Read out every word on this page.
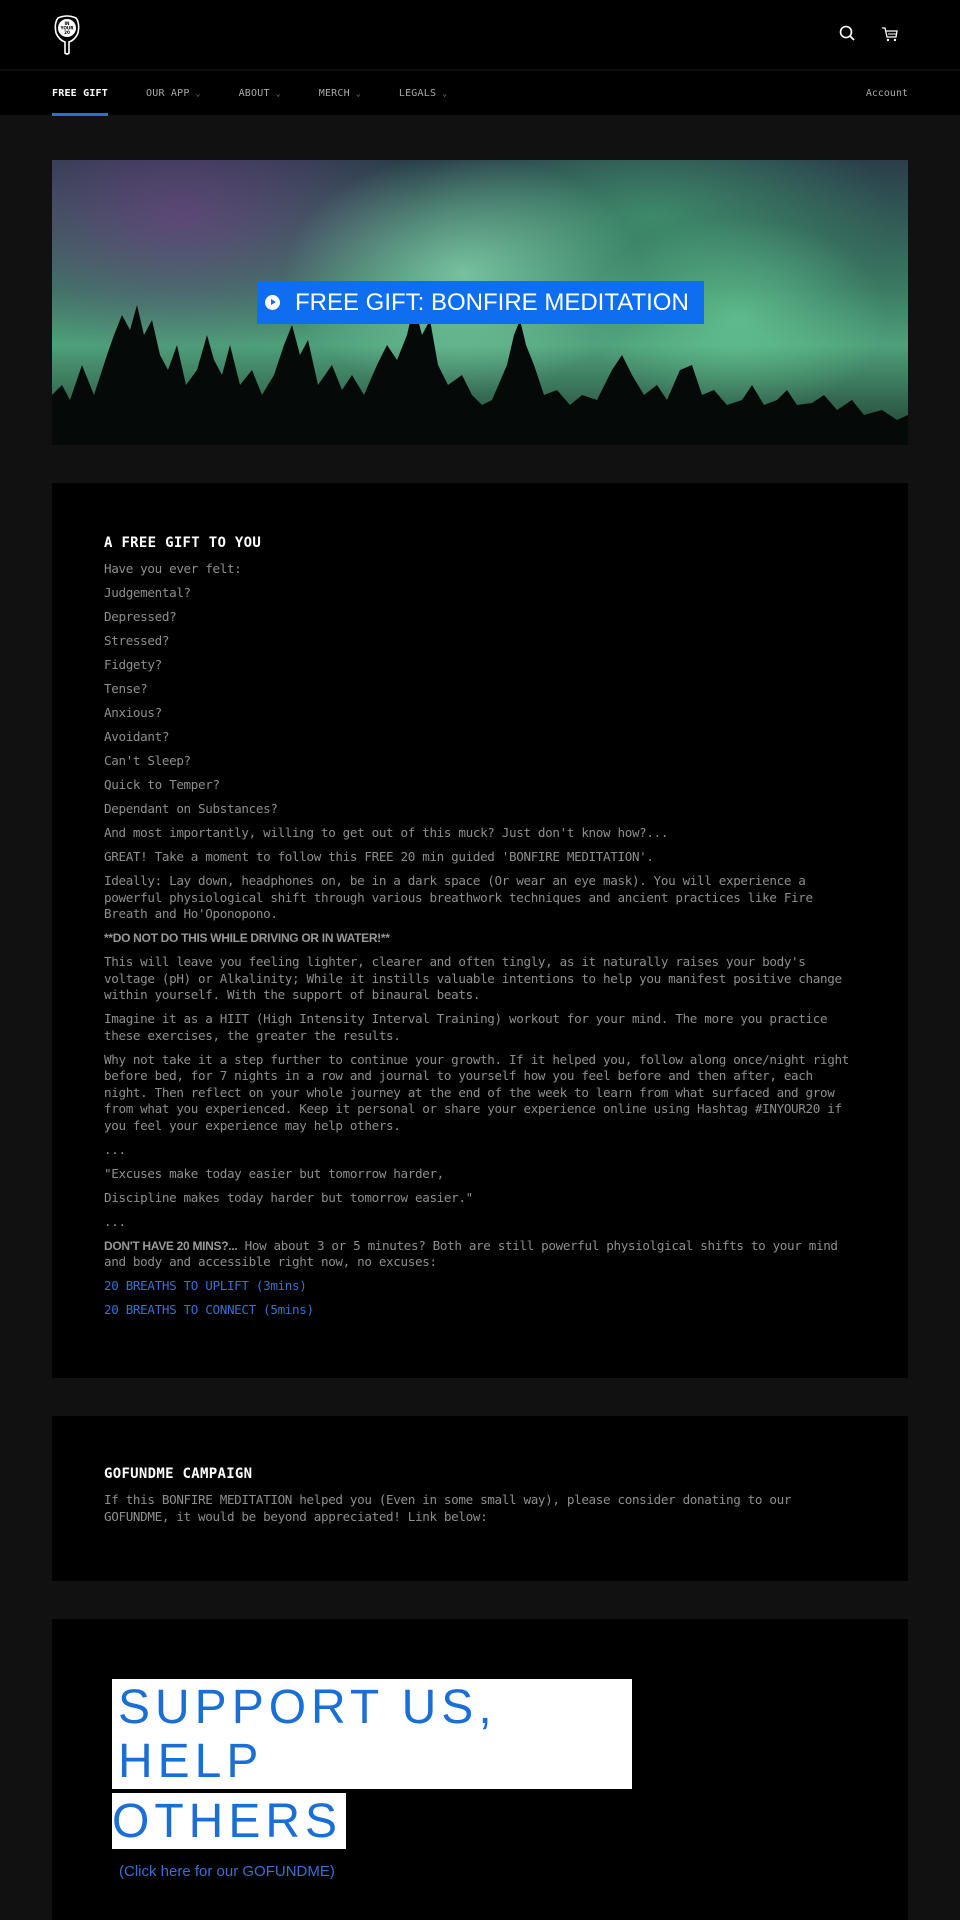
IN
YOUR
20
FREE GIFT	OUR APP ⌄	ABOUT ⌄	MERCH ⌄	LEGALS ⌄	Account
FREE GIFT: BONFIRE MEDITATION
A FREE GIFT TO YOU

Have you ever felt:

Judgemental?

Depressed?

Stressed?

Fidgety?

Tense?

Anxious?

Avoidant?

Can't Sleep?

Quick to Temper?

Dependant on Substances?

And most importantly, willing to get out of this muck? Just don't know how?...

GREAT! Take a moment to follow this FREE 20 min guided 'BONFIRE MEDITATION'.

Ideally: Lay down, headphones on, be in a dark space (Or wear an eye mask). You will experience a powerful physiological shift through various breathwork techniques and ancient practices like Fire Breath and Ho'Oponopono.

**DO NOT DO THIS WHILE DRIVING OR IN WATER!**

This will leave you feeling lighter, clearer and often tingly, as it naturally raises your body's voltage (pH) or Alkalinity; While it instills valuable intentions to help you manifest positive change within yourself. With the support of binaural beats.

Imagine it as a HIIT (High Intensity Interval Training) workout for your mind. The more you practice these exercises, the greater the results.

Why not take it a step further to continue your growth. If it helped you, follow along once/night right before bed, for 7 nights in a row and journal to yourself how you feel before and then after, each night. Then reflect on your whole journey at the end of the week to learn from what surfaced and grow from what you experienced. Keep it personal or share your experience online using Hashtag #INYOUR20 if you feel your experience may help others.

...

"Excuses make today easier but tomorrow harder,

Discipline makes today harder but tomorrow easier."

...

DON'T HAVE 20 MINS?... How about 3 or 5 minutes? Both are still powerful physiolgical shifts to your mind and body and accessible right now, no excuses:

20 BREATHS TO UPLIFT (3mins)

20 BREATHS TO CONNECT (5mins)

GOFUNDME CAMPAIGN

If this BONFIRE MEDITATION helped you (Even in some small way), please consider donating to our GOFUNDME, it would be beyond appreciated! Link below:

SUPPORT US, HELP
OTHERS
(Click here for our GOFUNDME)
